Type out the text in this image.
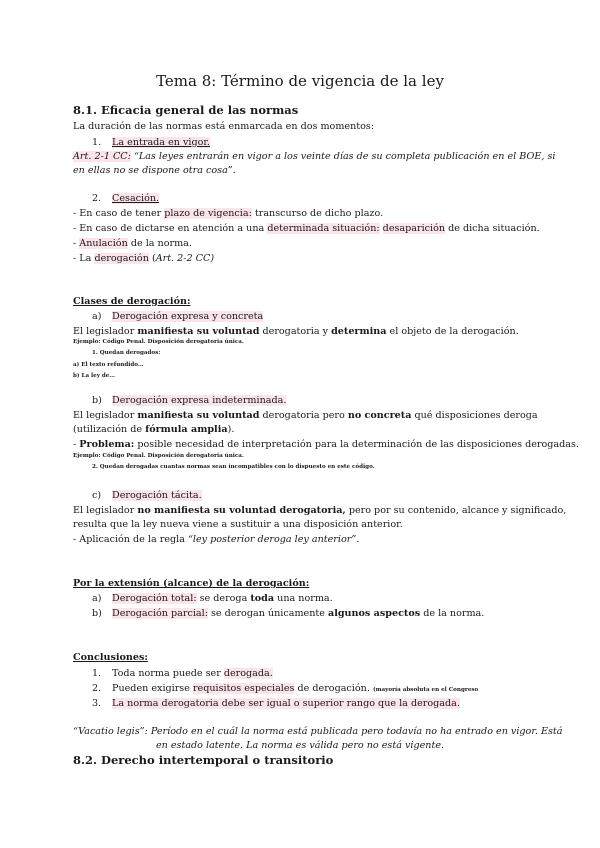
Tema 8: Término de vigencia de la ley
8.1. Eficacia general de las normas
La duración de las normas está enmarcada en dos momentos:
1. La entrada en vigor.
Art. 2-1 CC: “Las leyes entrarán en vigor a los veinte días de su completa publicación en el BOE, si
en ellas no se dispone otra cosa”.
2. Cesación.
- En caso de tener plazo de vigencia: transcurso de dicho plazo.
- En caso de dictarse en atención a una determinada situación: desaparición de dicha situación.
- Anulación de la norma.
- La derogación (Art. 2-2 CC)
Clases de derogación:
a) Derogación expresa y concreta
El legislador manifiesta su voluntad derogatoria y determina el objeto de la derogación.
Ejemplo: Código Penal. Disposición derogatoria única.
1. Quedan derogados:
a) El texto refundido…
b) La ley de…
b) Derogación expresa indeterminada.
El legislador manifiesta su voluntad derogatoria pero no concreta qué disposiciones deroga
(utilización de fórmula amplia).
- Problema: posible necesidad de interpretación para la determinación de las disposiciones derogadas.
Ejemplo: Código Penal. Disposición derogatoria única.
2. Quedan derogadas cuantas normas sean incompatibles con lo dispuesto en este código.
c) Derogación tácita.
El legislador no manifiesta su voluntad derogatoria, pero por su contenido, alcance y significado,
resulta que la ley nueva viene a sustituir a una disposición anterior.
- Aplicación de la regla “ley posterior deroga ley anterior”.
Por la extensión (alcance) de la derogación:
a) Derogación total: se deroga toda una norma.
b) Derogación parcial: se derogan únicamente algunos aspectos de la norma.
Conclusiones:
1. Toda norma puede ser derogada.
2. Pueden exigirse requisitos especiales de derogación. (mayoría absoluta en el Congreso
3. La norma derogatoria debe ser igual o superior rango que la derogada.
“Vacatio legis”: Período en el cuál la norma está publicada pero todavía no ha entrado en vigor. Está
en estado latente. La norma es válida pero no está vigente.
8.2. Derecho intertemporal o transitorio
